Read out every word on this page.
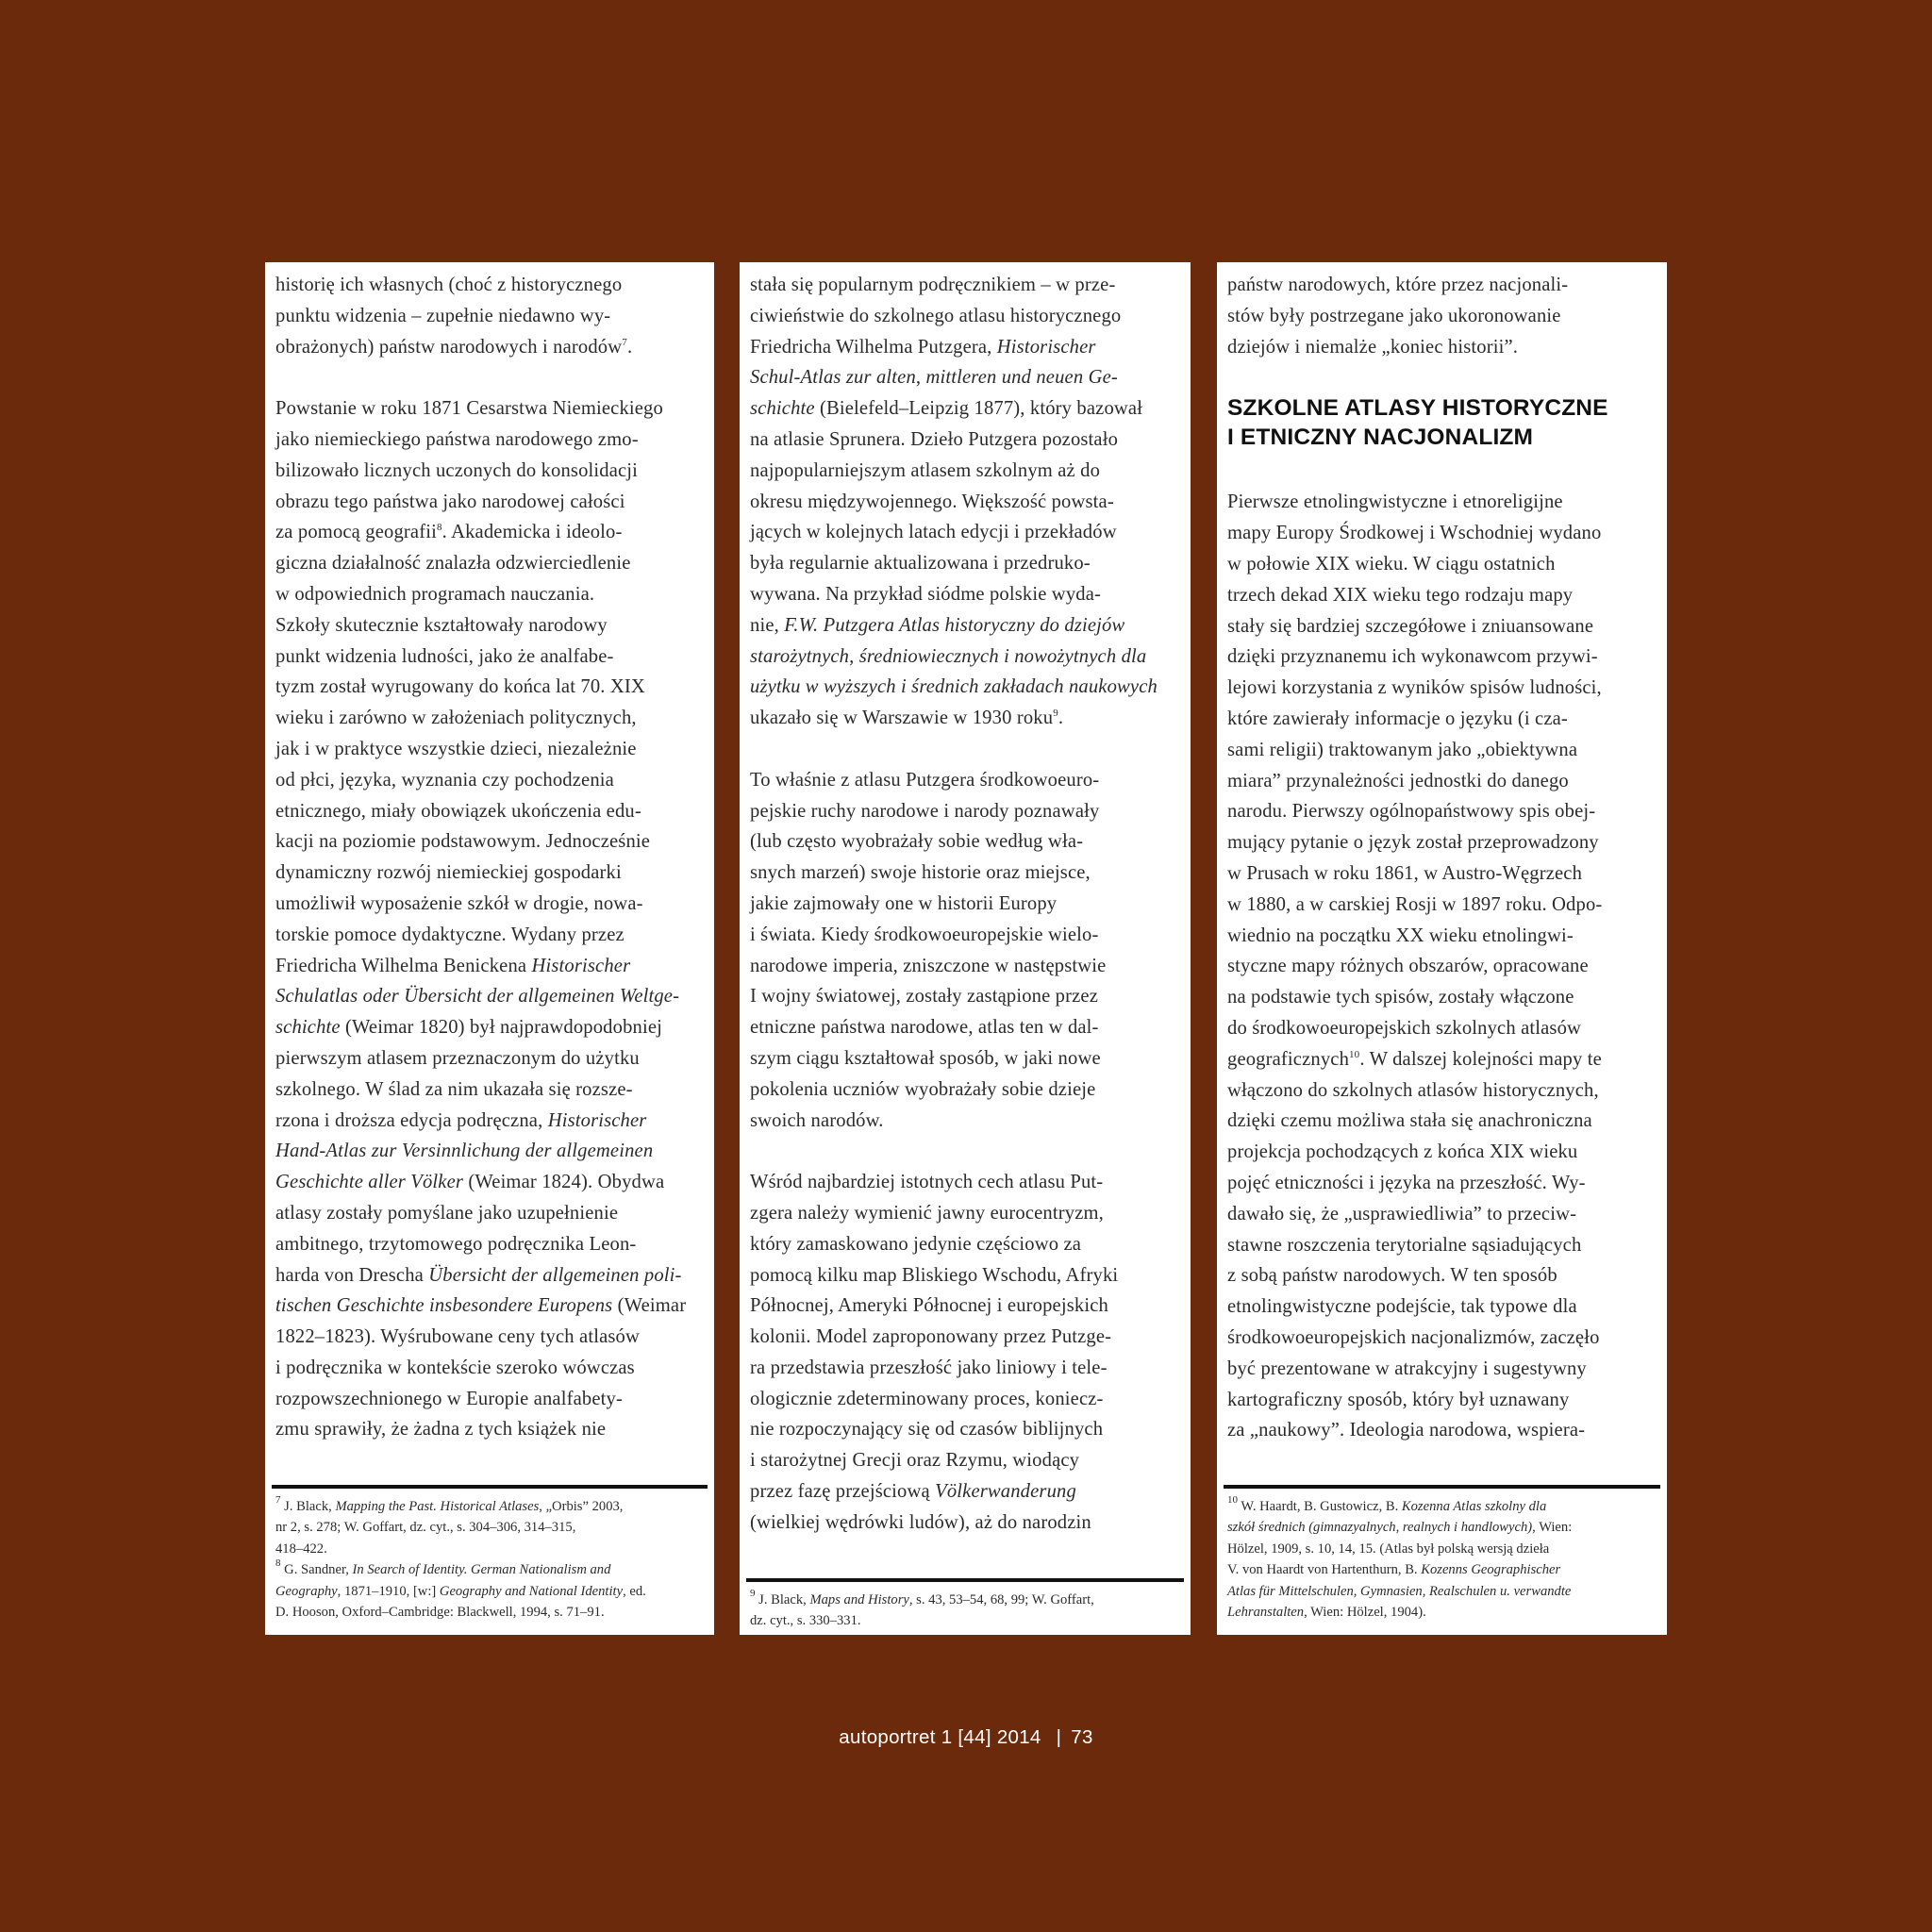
historię ich własnych (choć z historycznego
punktu widzenia – zupełnie niedawno wy-
obrażonych) państw narodowych i narodów$^7$.

Powstanie w roku 1871 Cesarstwa Niemieckiego
jako niemieckiego państwa narodowego zmo-
bilizowało licznych uczonych do konsolidacji
obrazu tego państwa jako narodowej całości
za pomocą geografii$^8$. Akademicka i ideolo-
giczna działalność znalazła odzwierciedlenie
w odpowiednich programach nauczania.
Szkoły skutecznie kształtowały narodowy
punkt widzenia ludności, jako że analfabe-
tyzm został wyrugowany do końca lat 70. XIX
wieku i zarówno w założeniach politycznych,
jak i w praktyce wszystkie dzieci, niezależnie
od płci, języka, wyznania czy pochodzenia
etnicznego, miały obowiązek ukończenia edu-
kacji na poziomie podstawowym. Jednocześnie
dynamiczny rozwój niemieckiej gospodarki
umożliwił wyposażenie szkół w drogie, nowa-
torskie pomoce dydaktyczne. Wydany przez
Friedricha Wilhelma Benickena Historischer
Schulatlas oder Übersicht der allgemeinen Weltge-
schichte (Weimar 1820) był najprawdopodobniej
pierwszym atlasem przeznaczonym do użytku
szkolnego. W ślad za nim ukazała się rozsze-
rzona i droższa edycja podręczna, Historischer
Hand-Atlas zur Versinnlichung der allgemeinen
Geschichte aller Völker (Weimar 1824). Obydwa
atlasy zostały pomyślane jako uzupełnienie
ambitnego, trzytomowego podręcznika Leon-
harda von Drescha Übersicht der allgemeinen poli-
tischen Geschichte insbesondere Europens (Weimar
1822–1823). Wyśrubowane ceny tych atlasów
i podręcznika w kontekście szeroko wówczas
rozpowszechnionego w Europie analfabety-
zmu sprawiły, że żadna z tych książek nie

$^7$ J. Black, Mapping the Past. Historical Atlases, „Orbis” 2003,
nr 2, s. 278; W. Goffart, dz. cyt., s. 304–306, 314–315,
418–422.
$^8$ G. Sandner, In Search of Identity. German Nationalism and
Geography, 1871–1910, [w:] Geography and National Identity, ed.
D. Hooson, Oxford–Cambridge: Blackwell, 1994, s. 71–91.

stała się popularnym podręcznikiem – w prze-
ciwieństwie do szkolnego atlasu historycznego
Friedricha Wilhelma Putzgera, Historischer
Schul-Atlas zur alten, mittleren und neuen Ge-
schichte (Bielefeld–Leipzig 1877), który bazował
na atlasie Sprunera. Dzieło Putzgera pozostało
najpopularniejszym atlasem szkolnym aż do
okresu międzywojennego. Większość powsta-
jących w kolejnych latach edycji i przekładów
była regularnie aktualizowana i przedruko-
wywana. Na przykład siódme polskie wyda-
nie, F.W. Putzgera Atlas historyczny do dziejów
starożytnych, średniowiecznych i nowożytnych dla
użytku w wyższych i średnich zakładach naukowych
ukazało się w Warszawie w 1930 roku$^9$.

To właśnie z atlasu Putzgera środkowoeuro-
pejskie ruchy narodowe i narody poznawały
(lub często wyobrażały sobie według wła-
snych marzeń) swoje historie oraz miejsce,
jakie zajmowały one w historii Europy
i świata. Kiedy środkowoeuropejskie wielo-
narodowe imperia, zniszczone w następstwie
I wojny światowej, zostały zastąpione przez
etniczne państwa narodowe, atlas ten w dal-
szym ciągu kształtował sposób, w jaki nowe
pokolenia uczniów wyobrażały sobie dzieje
swoich narodów.

Wśród najbardziej istotnych cech atlasu Put-
zgera należy wymienić jawny eurocentryzm,
który zamaskowano jedynie częściowo za
pomocą kilku map Bliskiego Wschodu, Afryki
Północnej, Ameryki Północnej i europejskich
kolonii. Model zaproponowany przez Putzge-
ra przedstawia przeszłość jako liniowy i tele-
ologicznie zdeterminowany proces, koniecz-
nie rozpoczynający się od czasów biblijnych
i starożytnej Grecji oraz Rzymu, wiodący
przez fazę przejściową Völkerwanderung
(wielkiej wędrówki ludów), aż do narodzin

$^9$ J. Black, Maps and History, s. 43, 53–54, 68, 99; W. Goffart,
dz. cyt., s. 330–331.

państw narodowych, które przez nacjonali-
stów były postrzegane jako ukoronowanie
dziejów i niemalże „koniec historii”.

SZKOLNE ATLASY HISTORYCZNE
I ETNICZNY NACJONALIZM

Pierwsze etnolingwistyczne i etnoreligijne
mapy Europy Środkowej i Wschodniej wydano
w połowie XIX wieku. W ciągu ostatnich
trzech dekad XIX wieku tego rodzaju mapy
stały się bardziej szczegółowe i zniuansowane
dzięki przyznanemu ich wykonawcom przywi-
lejowi korzystania z wyników spisów ludności,
które zawierały informacje o języku (i cza-
sami religii) traktowanym jako „obiektywna
miara” przynależności jednostki do danego
narodu. Pierwszy ogólnopaństwowy spis obej-
mujący pytanie o język został przeprowadzony
w Prusach w roku 1861, w Austro-Węgrzech
w 1880, a w carskiej Rosji w 1897 roku. Odpo-
wiednio na początku XX wieku etnolingwi-
styczne mapy różnych obszarów, opracowane
na podstawie tych spisów, zostały włączone
do środkowoeuropejskich szkolnych atlasów
geograficznych$^{10}$. W dalszej kolejności mapy te
włączono do szkolnych atlasów historycznych,
dzięki czemu możliwa stała się anachroniczna
projekcja pochodzących z końca XIX wieku
pojęć etniczności i języka na przeszłość. Wy-
dawało się, że „usprawiedliwia” to przeciw-
stawne roszczenia terytorialne sąsiadujących
z sobą państw narodowych. W ten sposób
etnolingwistyczne podejście, tak typowe dla
środkowoeuropejskich nacjonalizmów, zaczęło
być prezentowane w atrakcyjny i sugestywny
kartograficzny sposób, który był uznawany
za „naukowy”. Ideologia narodowa, wspiera-

$^{10}$ W. Haardt, B. Gustowicz, B. Kozenna Atlas szkolny dla
szkół średnich (gimnazyalnych, realnych i handlowych), Wien:
Hölzel, 1909, s. 10, 14, 15. (Atlas był polską wersją dzieła
V. von Haardt von Hartenthurn, B. Kozenns Geographischer
Atlas für Mittelschulen, Gymnasien, Realschulen u. verwandte
Lehranstalten, Wien: Hölzel, 1904).
autoportret 1 [44] 2014 | 73
